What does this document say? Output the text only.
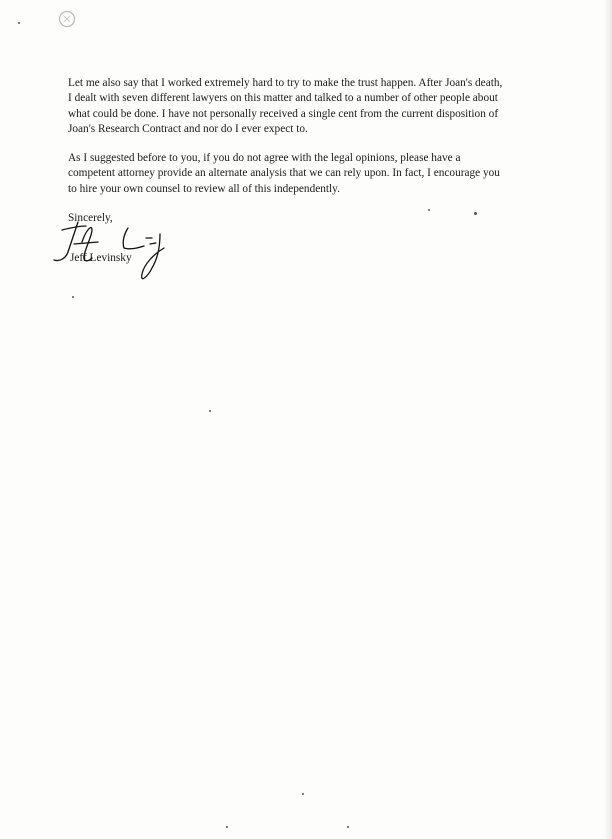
Let me also say that I worked extremely hard to try to make the trust happen. After Joan's death,
I dealt with seven different lawyers on this matter and talked to a number of other people about
what could be done. I have not personally received a single cent from the current disposition of
Joan's Research Contract and nor do I ever expect to.

As I suggested before to you, if you do not agree with the legal opinions, please have a
competent attorney provide an alternate analysis that we can rely upon. In fact, I encourage you
to hire your own counsel to review all of this independently.

Sincerely,
Jeff Levinsky
